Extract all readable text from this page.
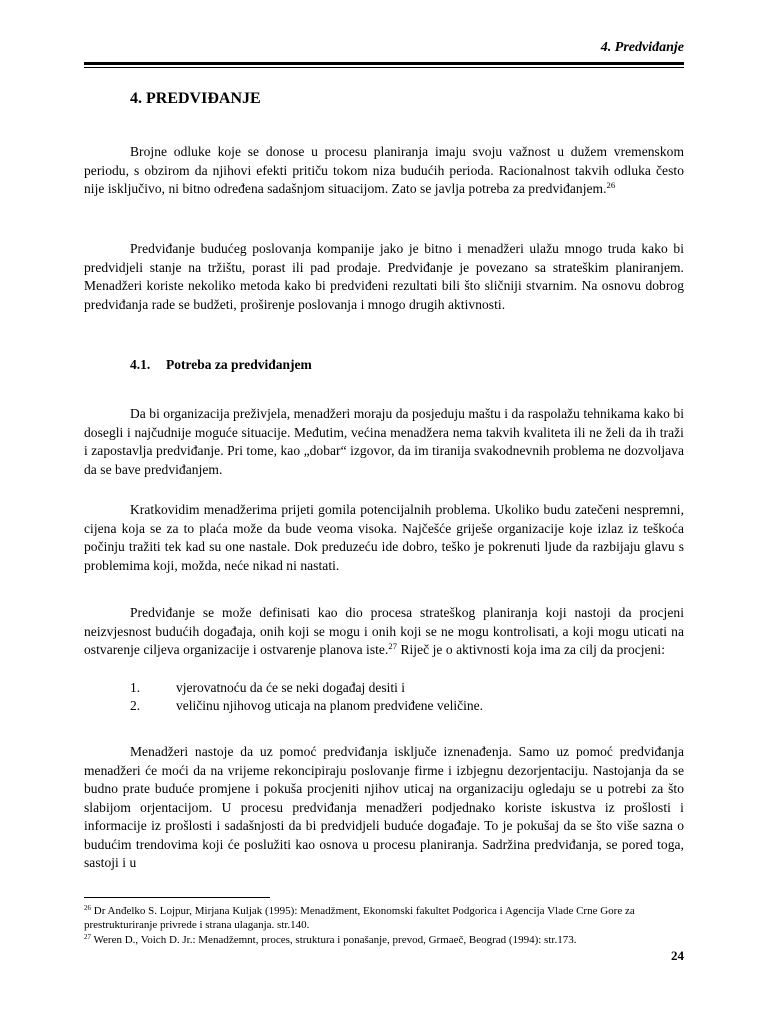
4. Predviđanje
4. PREDVIĐANJE

Brojne odluke koje se donose u procesu planiranja imaju svoju važnost u dužem vremenskom periodu, s obzirom da njihovi efekti pritiču tokom niza budućih perioda. Racionalnost takvih odluka često nije isključivo, ni bitno određena sadašnjom situacijom. Zato se javlja potreba za predviđanjem.$^{26}$

Predviđanje budućeg poslovanja kompanije jako je bitno i menadžeri ulažu mnogo truda kako bi predvidjeli stanje na tržištu, porast ili pad prodaje. Predviđanje je povezano sa strateškim planiranjem. Menadžeri koriste nekoliko metoda kako bi predviđeni rezultati bili što sličniji stvarnim. Na osnovu dobrog predviđanja rade se budžeti, proširenje poslovanja i mnogo drugih aktivnosti.

4.1. Potreba za predviđanjem

Da bi organizacija preživjela, menadžeri moraju da posjeduju maštu i da raspolažu tehnikama kako bi dosegli i najčudnije moguće situacije. Međutim, većina menadžera nema takvih kvaliteta ili ne želi da ih traži i zapostavlja predviđanje. Pri tome, kao „dobar“ izgovor, da im tiranija svakodnevnih problema ne dozvoljava da se bave predviđanjem.

Kratkovidim menadžerima prijeti gomila potencijalnih problema. Ukoliko budu zatečeni nespremni, cijena koja se za to plaća može da bude veoma visoka. Najčešće griješe organizacije koje izlaz iz teškoća počinju tražiti tek kad su one nastale. Dok preduzeću ide dobro, teško je pokrenuti ljude da razbijaju glavu s problemima koji, možda, neće nikad ni nastati.

Predviđanje se može definisati kao dio procesa strateškog planiranja koji nastoji da procjeni neizvjesnost budućih događaja, onih koji se mogu i onih koji se ne mogu kontrolisati, a koji mogu uticati na ostvarenje ciljeva organizacije i ostvarenje planova iste.$^{27}$ Riječ je o aktivnosti koja ima za cilj da procjeni:

1.	vjerovatnoću da će se neki događaj desiti i
2.	veličinu njihovog uticaja na planom predviđene veličine.

Menadžeri nastoje da uz pomoć predviđanja isključe iznenađenja. Samo uz pomoć predviđanja menadžeri će moći da na vrijeme rekoncipiraju poslovanje firme i izbjegnu dezorjentaciju. Nastojanja da se budno prate buduće promjene i pokuša procjeniti njihov uticaj na organizaciju ogledaju se u potrebi za što slabijom orjentacijom. U procesu predviđanja menadžeri podjednako koriste iskustva iz prošlosti i informacije iz prošlosti i sadašnjosti da bi predvidjeli buduće događaje. To je pokušaj da se što više sazna o budućim trendovima koji će poslužiti kao osnova u procesu planiranja. Sadržina predviđanja, se pored toga, sastoji i u

$^{26}$ Dr Anđelko S. Lojpur, Mirjana Kuljak (1995): Menadžment, Ekonomski fakultet Podgorica i Agencija Vlade Crne Gore za prestrukturiranje privrede i strana ulaganja. str.140.

$^{27}$ Weren D., Voich D. Jr.: Menadžemnt, proces, struktura i ponašanje, prevod, Grmaeč, Beograd (1994): str.173.

24
